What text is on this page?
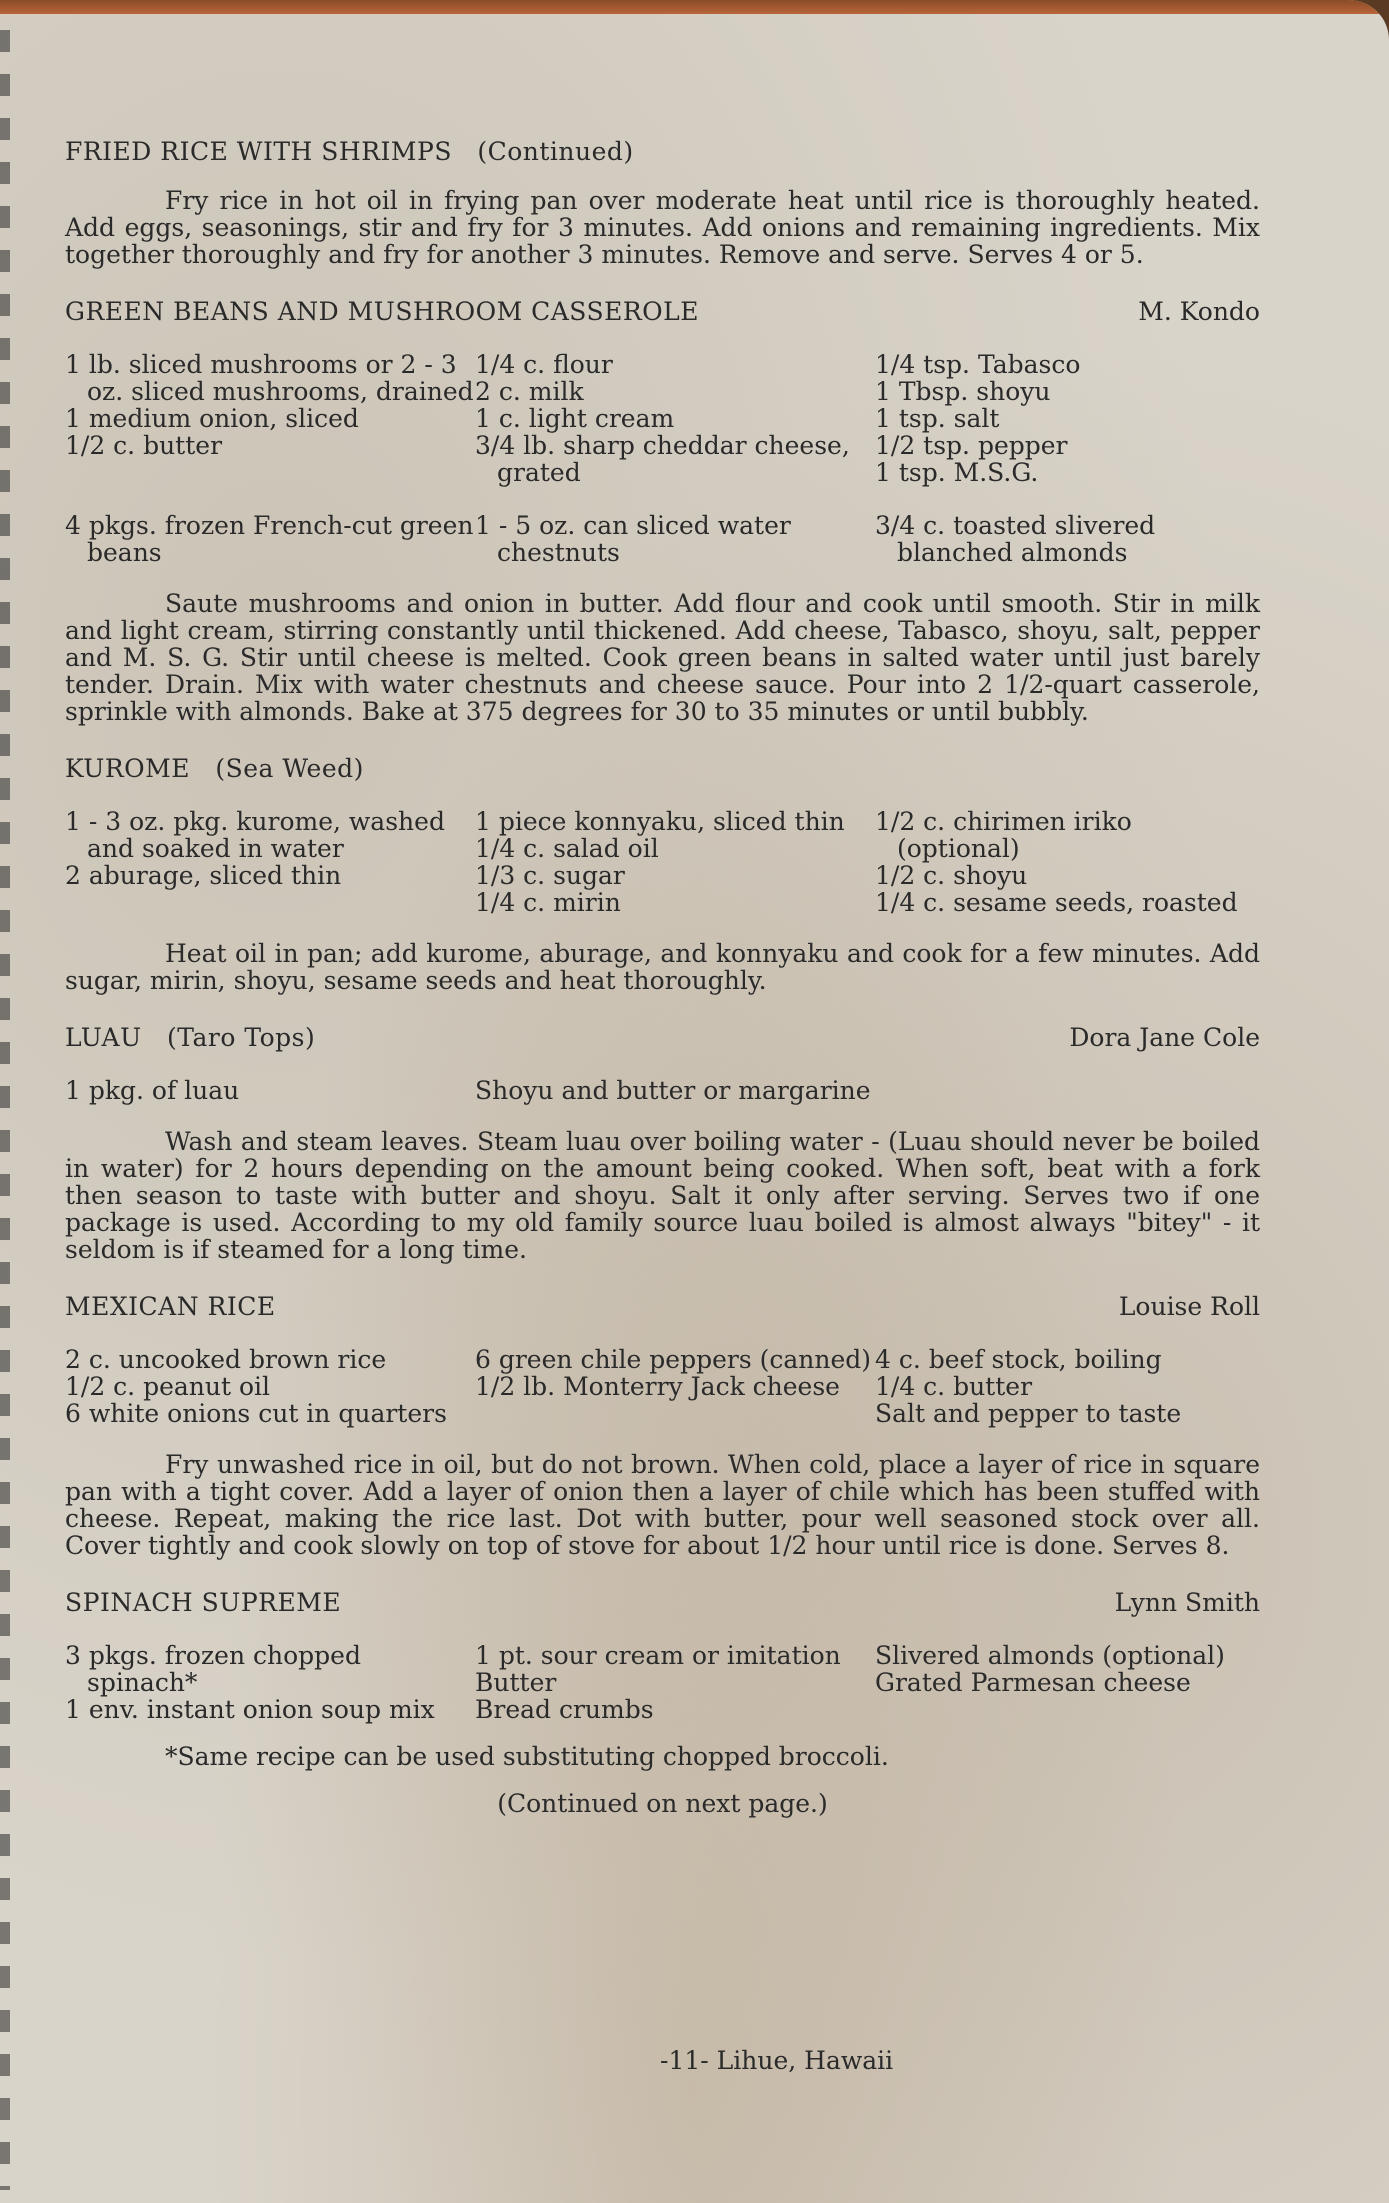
FRIED RICE WITH SHRIMPS (Continued)

Fry rice in hot oil in frying pan over moderate heat until rice is thoroughly heated. Add eggs, seasonings, stir and fry for 3 minutes. Add onions and remaining ingredients. Mix together thoroughly and fry for another 3 minutes. Remove and serve. Serves 4 or 5.

GREEN BEANS AND MUSHROOM CASSEROLE	M. Kondo
1 lb. sliced mushrooms or 2 - 3 oz. sliced mushrooms, drained
1 medium onion, sliced
1/2 c. butter
1/4 c. flour
2 c. milk
1 c. light cream
3/4 lb. sharp cheddar cheese, grated
1/4 tsp. Tabasco
1 Tbsp. shoyu
1 tsp. salt
1/2 tsp. pepper
1 tsp. M.S.G.
4 pkgs. frozen French-cut green beans
1 - 5 oz. can sliced water chestnuts
3/4 c. toasted slivered blanched almonds

Saute mushrooms and onion in butter. Add flour and cook until smooth. Stir in milk and light cream, stirring constantly until thickened. Add cheese, Tabasco, shoyu, salt, pepper and M. S. G. Stir until cheese is melted. Cook green beans in salted water until just barely tender. Drain. Mix with water chestnuts and cheese sauce. Pour into 2 1/2-quart casserole, sprinkle with almonds. Bake at 375 degrees for 30 to 35 minutes or until bubbly.

KUROME (Sea Weed)
1 - 3 oz. pkg. kurome, washed and soaked in water
2 aburage, sliced thin
1 piece konnyaku, sliced thin
1/4 c. salad oil
1/3 c. sugar
1/4 c. mirin
1/2 c. chirimen iriko (optional)
1/2 c. shoyu
1/4 c. sesame seeds, roasted

Heat oil in pan; add kurome, aburage, and konnyaku and cook for a few minutes. Add sugar, mirin, shoyu, sesame seeds and heat thoroughly.

LUAU (Taro Tops)	Dora Jane Cole
1 pkg. of luau	Shoyu and butter or margarine

Wash and steam leaves. Steam luau over boiling water - (Luau should never be boiled in water) for 2 hours depending on the amount being cooked. When soft, beat with a fork then season to taste with butter and shoyu. Salt it only after serving. Serves two if one package is used. According to my old family source luau boiled is almost always "bitey" - it seldom is if steamed for a long time.

MEXICAN RICE	Louise Roll
2 c. uncooked brown rice
1/2 c. peanut oil
6 white onions cut in quarters
6 green chile peppers (canned)
1/2 lb. Monterry Jack cheese
4 c. beef stock, boiling
1/4 c. butter
Salt and pepper to taste

Fry unwashed rice in oil, but do not brown. When cold, place a layer of rice in square pan with a tight cover. Add a layer of onion then a layer of chile which has been stuffed with cheese. Repeat, making the rice last. Dot with butter, pour well seasoned stock over all. Cover tightly and cook slowly on top of stove for about 1/2 hour until rice is done. Serves 8.

SPINACH SUPREME	Lynn Smith
3 pkgs. frozen chopped spinach*
1 env. instant onion soup mix
1 pt. sour cream or imitation
Butter
Bread crumbs
Slivered almonds (optional)
Grated Parmesan cheese

*Same recipe can be used substituting chopped broccoli.

(Continued on next page.)
-11- Lihue, Hawaii
